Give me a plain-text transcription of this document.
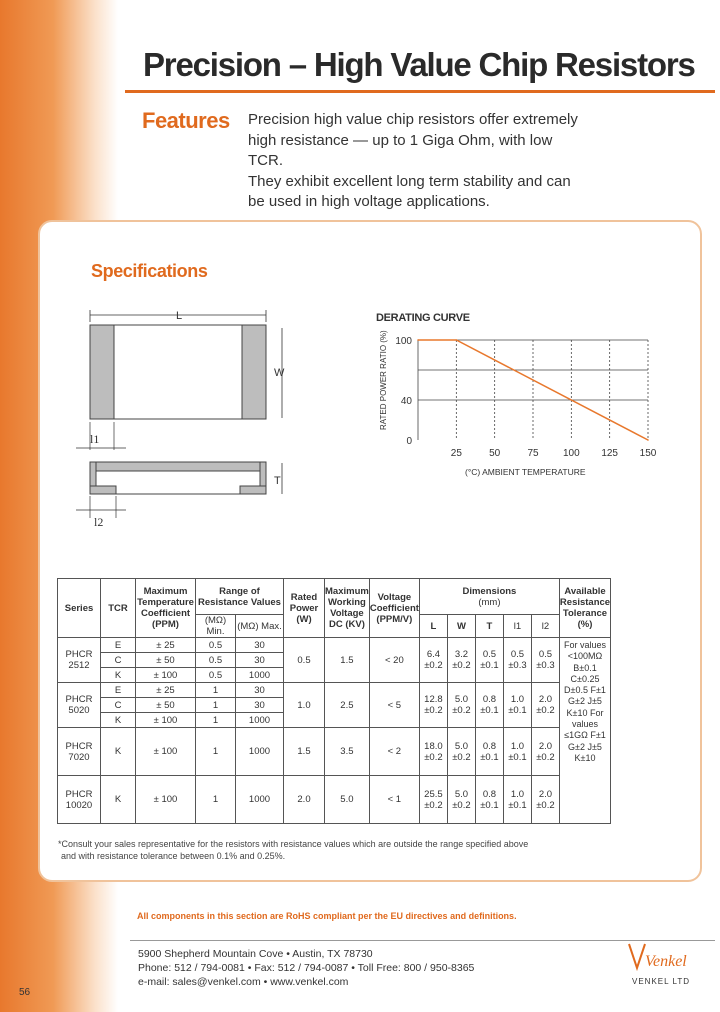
Precision – High Value Chip Resistors
Features Precision high value chip resistors offer extremely
high resistance — up to 1 Giga Ohm, with low TCR.
They exhibit excellent long term stability and can
be used in high voltage applications.
Specifications
L
W
l1
T
l2
DERATING CURVE
RATED POWER RATIO (%) 100
40
0
25	50	75 100 125 150
(°C) AMBIENT TEMPERATURE
Series	TCR	Maximum Temperature Coefficient (PPM)	Range of Resistance Values		Rated Power (W)	Maximum Working Voltage DC (KV)	Voltage Coefficient (PPM/V)	Dimensions
(mm)					Available Resistance Tolerance (%)
			(MΩ) Min.	(MΩ) Max.				L	W	T	l1	l2	
PHCR 2512	E	± 25	0.5	30	0.5	1.5	< 20	6.4 ±0.2	3.2 ±0.2	0.5 ±0.1	0.5 ±0.3	0.5 ±0.3	For values <100MΩ B±0.1 C±0.25 D±0.5 F±1 G±2 J±5 K±10 For values ≤1GΩ F±1 G±2 J±5 K±10
	C	± 50	0.5	30									
	K	± 100	0.5	1000									
PHCR 5020	E	± 25	1	30	1.0	2.5	< 5	12.8 ±0.2	5.0 ±0.2	0.8 ±0.1	1.0 ±0.1	2.0 ±0.2	
	C	± 50	1	30									
	K	± 100	1	1000									
PHCR 7020	K	± 100	1	1000	1.5	3.5	< 2	18.0 ±0.2	5.0 ±0.2	0.8 ±0.1	1.0 ±0.1	2.0 ±0.2	
PHCR 10020	K	± 100	1	1000	2.0	5.0	< 1	25.5 ±0.2	5.0 ±0.2	0.8 ±0.1	1.0 ±0.1	2.0 ±0.2	
*Consult your sales representative for the resistors with resistance values which are outside the range specified above
and with resistance tolerance between 0.1% and 0.25%.
All components in this section are RoHS compliant per the EU directives and definitions.
5900 Shepherd Mountain Cove • Austin, TX 78730
Phone: 512 / 794-0081 • Fax: 512 / 794-0087 • Toll Free: 800 / 950-8365
e-mail: sales@venkel.com • www.venkel.com
Venkel
VENKEL LTD
56
